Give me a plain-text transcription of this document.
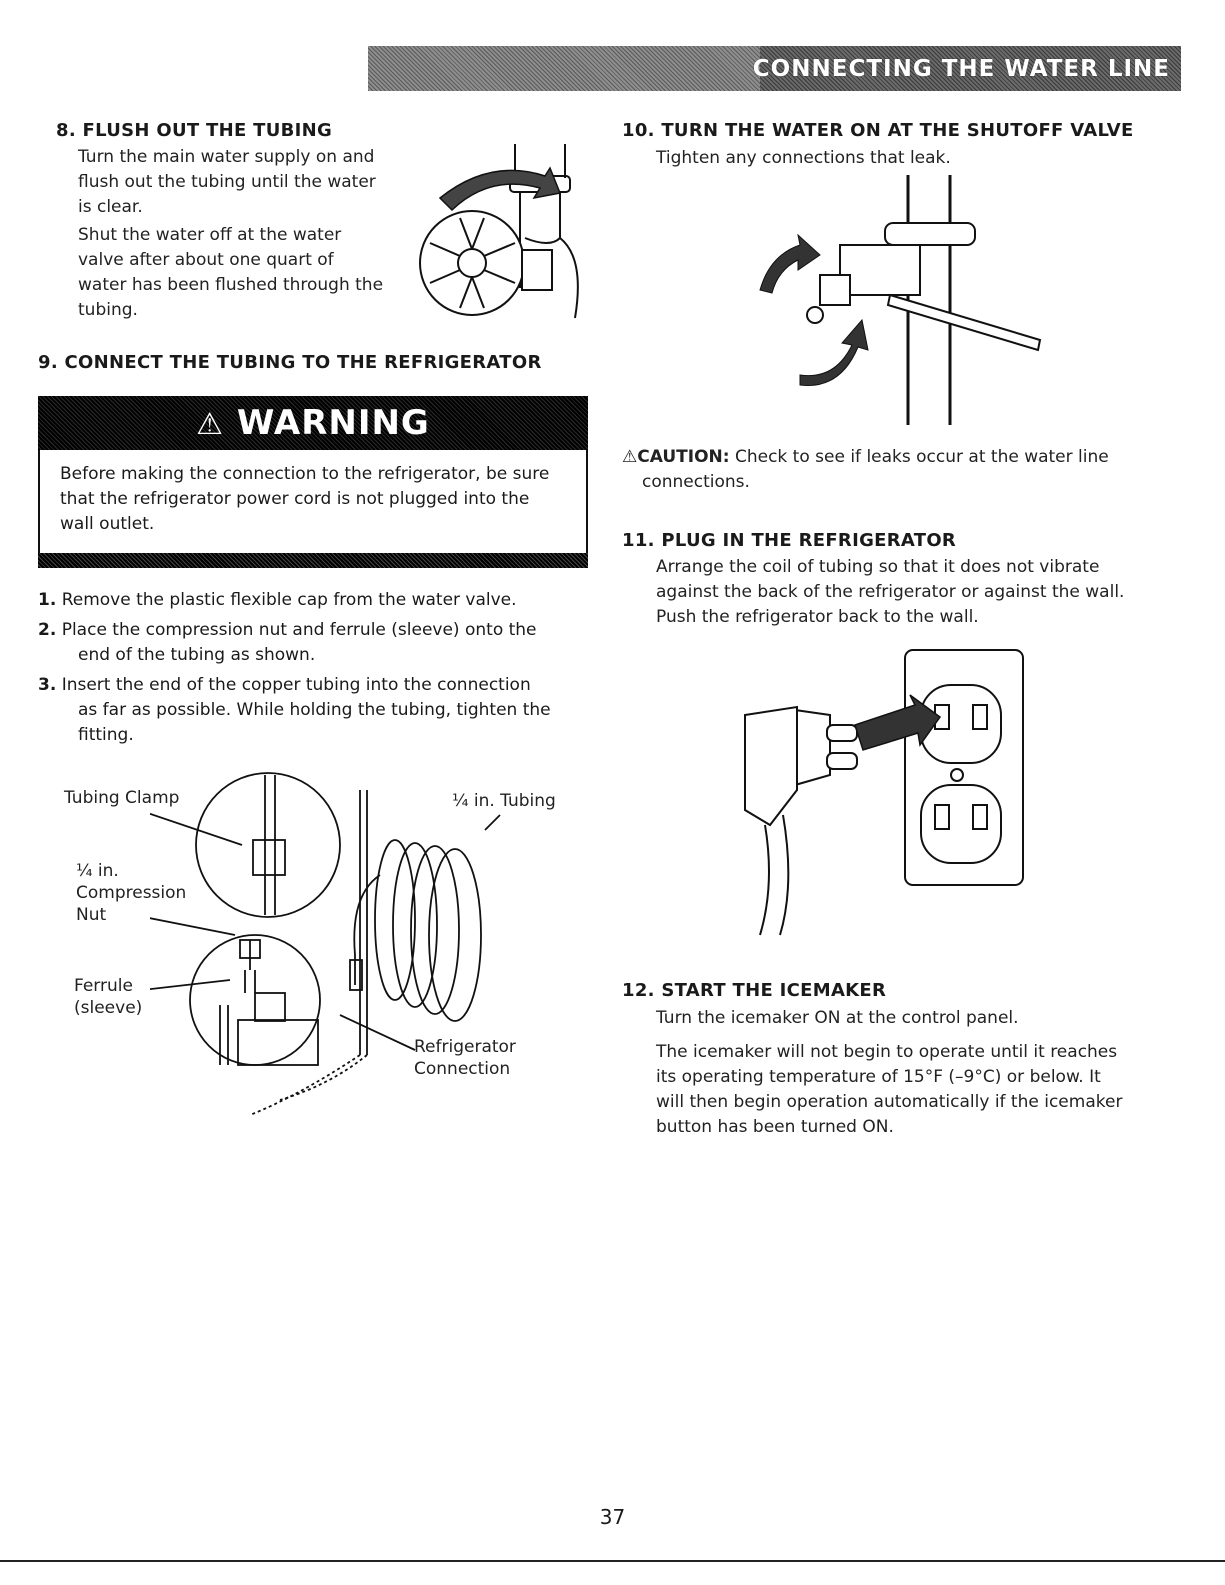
CONNECTING THE WATER LINE
8. FLUSH OUT THE TUBING
Turn the main water supply on and
flush out the tubing until the water
is clear.
Shut the water off at the water
valve after about one quart of
water has been flushed through the
tubing.
9. CONNECT THE TUBING TO THE REFRIGERATOR
⚠ WARNING
Before making the connection to the refrigerator, be sure
that the refrigerator power cord is not plugged into the
wall outlet.
1. Remove the plastic flexible cap from the water valve.
2. Place the compression nut and ferrule (sleeve) onto the
end of the tubing as shown.
3. Insert the end of the copper tubing into the connection
as far as possible. While holding the tubing, tighten the
fitting.
Tubing Clamp	¼ in. Tubing
¼ in.
Compression
Nut
Ferrule
(sleeve)
Refrigerator
Connection
10. TURN THE WATER ON AT THE SHUTOFF VALVE
Tighten any connections that leak.
⚠CAUTION: Check to see if leaks occur at the water line
connections.
11. PLUG IN THE REFRIGERATOR
Arrange the coil of tubing so that it does not vibrate
against the back of the refrigerator or against the wall.
Push the refrigerator back to the wall.
12. START THE ICEMAKER
Turn the icemaker ON at the control panel.
The icemaker will not begin to operate until it reaches
its operating temperature of 15°F (–9°C) or below. It
will then begin operation automatically if the icemaker
button has been turned ON.
37
